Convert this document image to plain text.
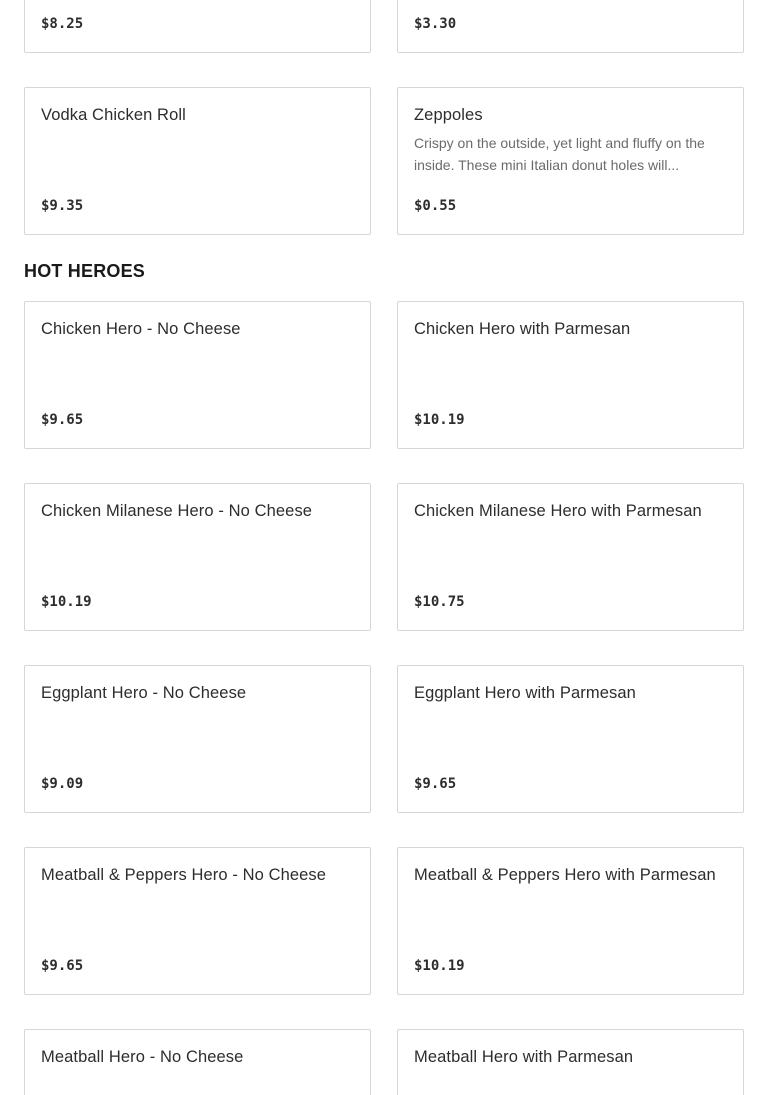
$8.25	$3.30
Vodka Chicken Roll
$9.35
Zeppoles
Crispy on the outside, yet light and fluffy on the inside. These mini Italian donut holes will...
$0.55
HOT HEROES
Chicken Hero - No Cheese
$9.65
Chicken Hero with Parmesan
$10.19
Chicken Milanese Hero - No Cheese
$10.19
Chicken Milanese Hero with Parmesan
$10.75
Eggplant Hero - No Cheese
$9.09
Eggplant Hero with Parmesan
$9.65
Meatball & Peppers Hero - No Cheese
$9.65
Meatball & Peppers Hero with Parmesan
$10.19
Meatball Hero - No Cheese	Meatball Hero with Parmesan
